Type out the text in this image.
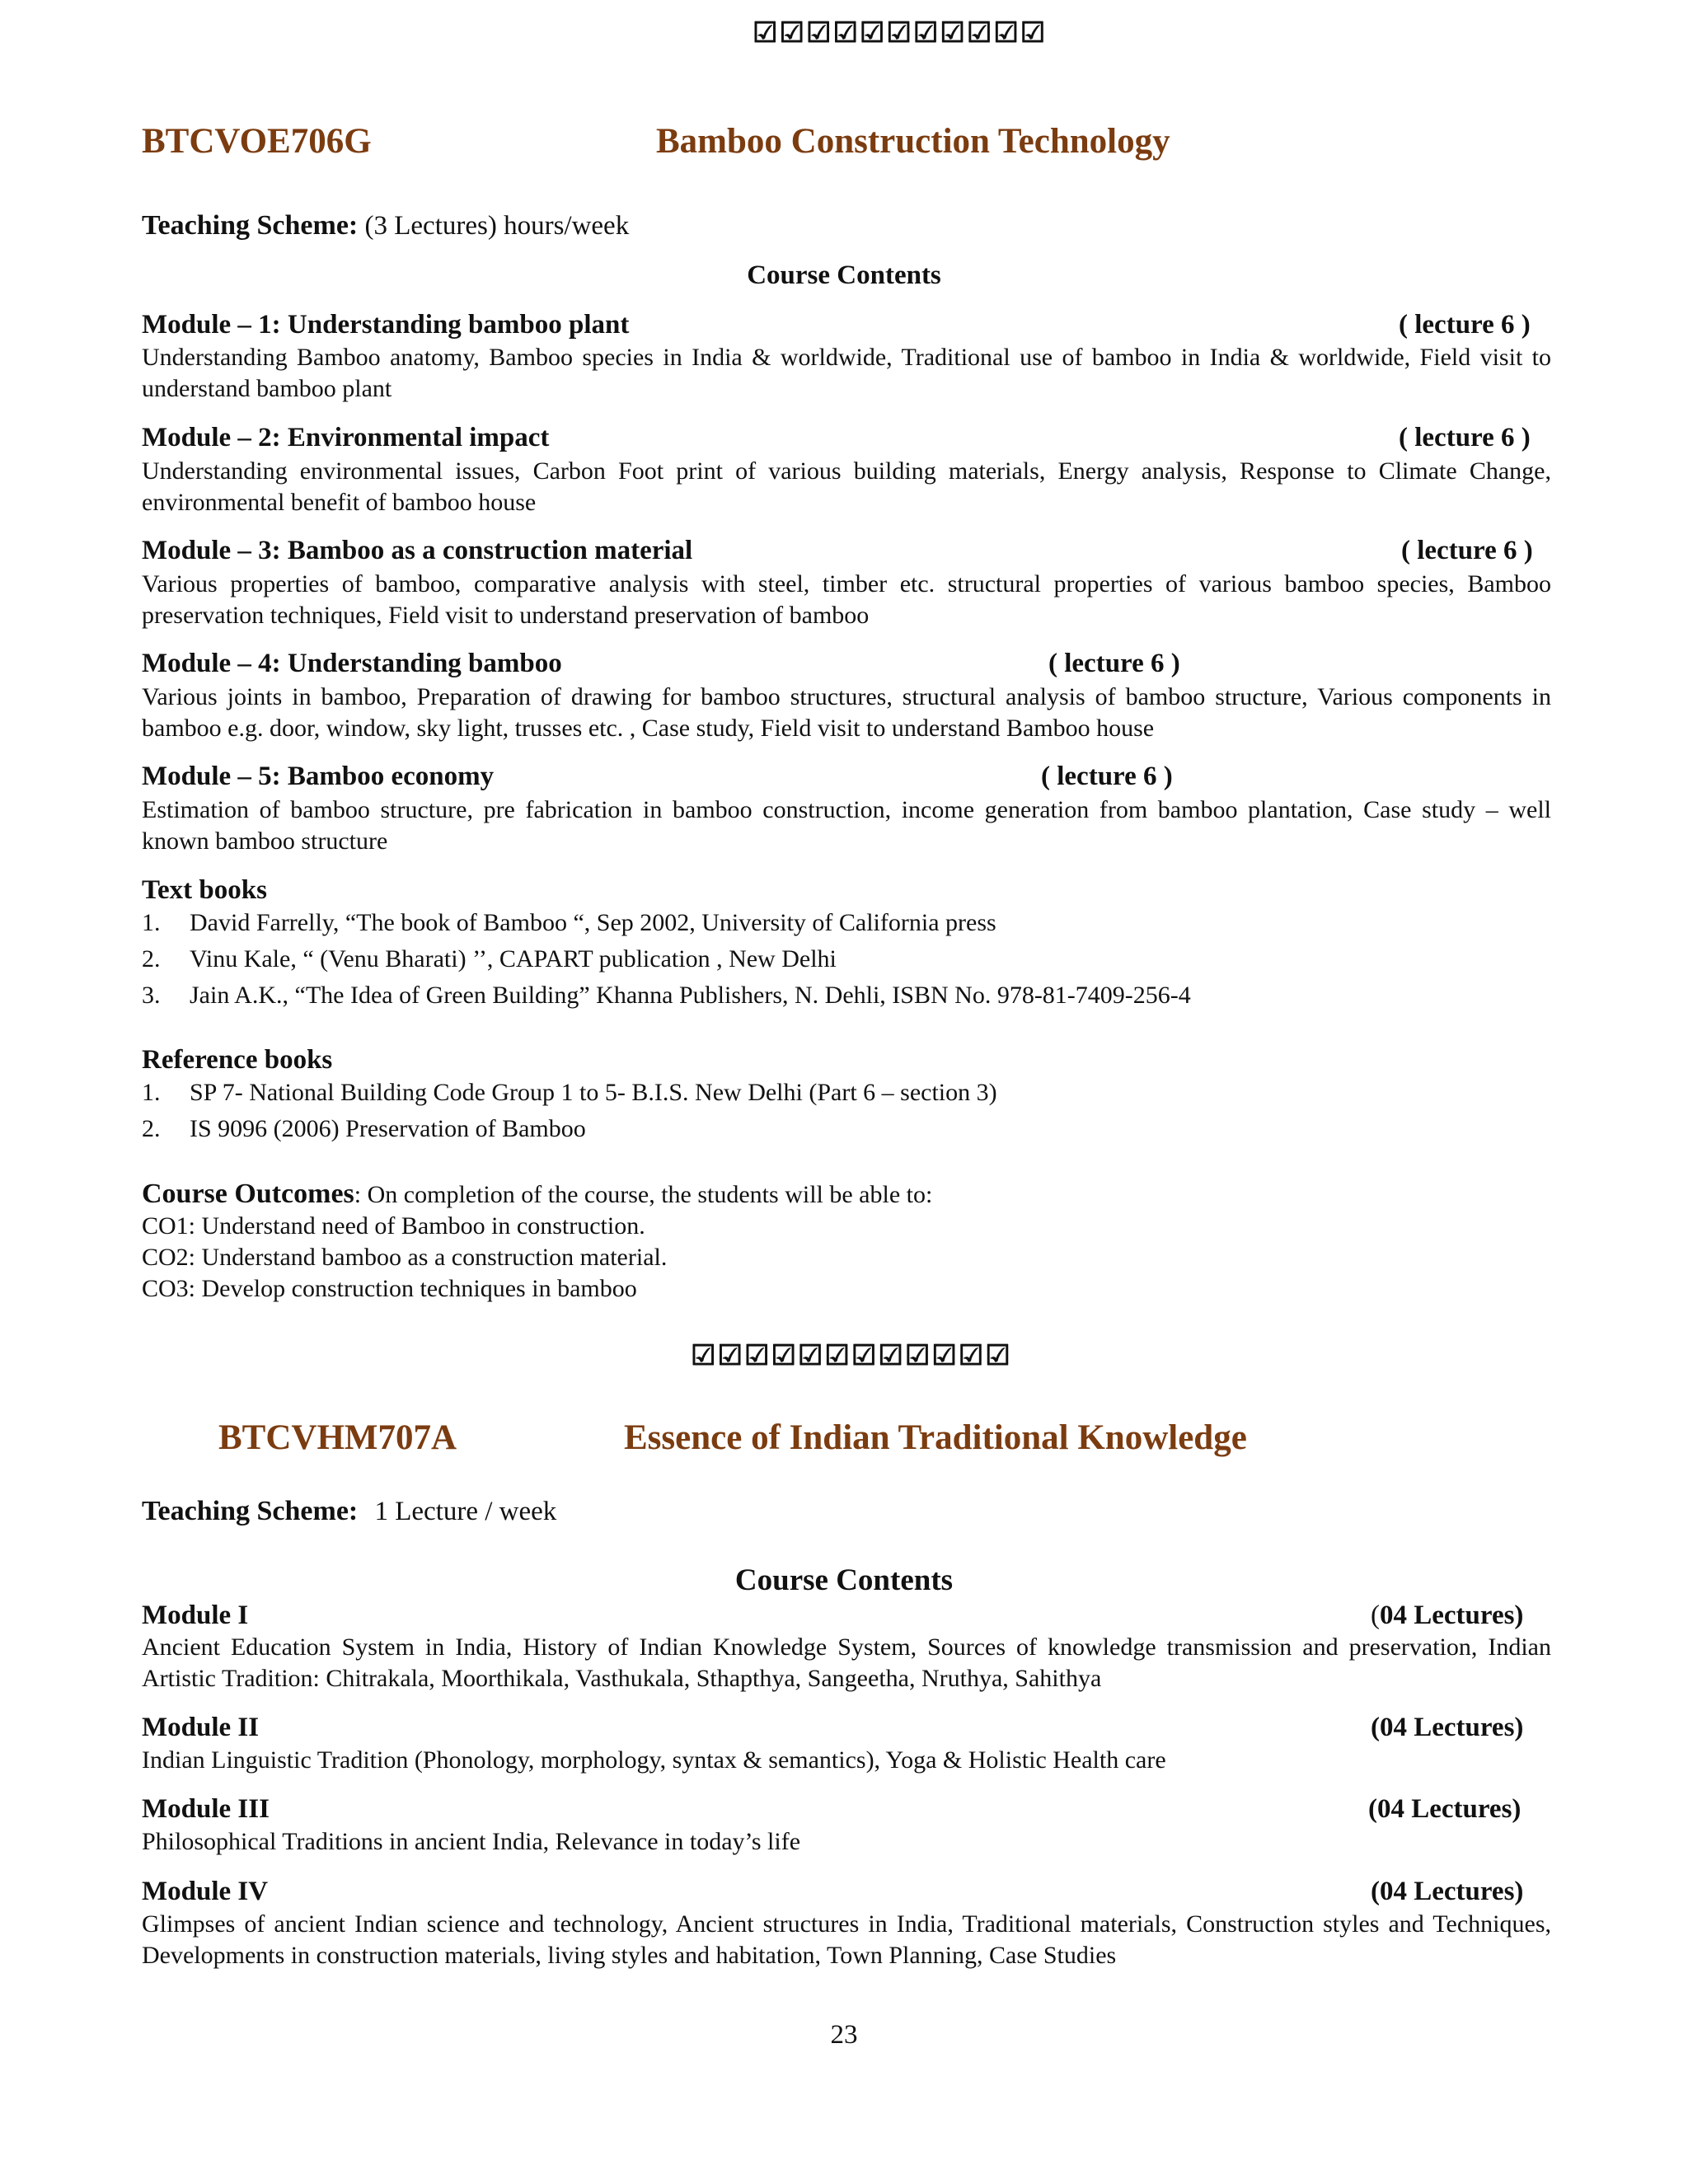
☑☑☑☑☑☑☑☑☑☑☑
BTCVOE706G	Bamboo Construction Technology
Teaching Scheme: (3 Lectures) hours/week
Course Contents
Module – 1: Understanding bamboo plant	( lecture 6 )
Understanding Bamboo anatomy, Bamboo species in India & worldwide, Traditional use of bamboo in India & worldwide, Field visit to understand bamboo plant
Module – 2: Environmental impact	( lecture 6 )
Understanding environmental issues, Carbon Foot print of various building materials, Energy analysis, Response to Climate Change, environmental benefit of bamboo house
Module – 3: Bamboo as a construction material	( lecture 6 )
Various properties of bamboo, comparative analysis with steel, timber etc. structural properties of various bamboo species, Bamboo preservation techniques, Field visit to understand preservation of bamboo
Module – 4: Understanding bamboo	( lecture 6 )
Various joints in bamboo, Preparation of drawing for bamboo structures, structural analysis of bamboo structure, Various components in bamboo e.g. door, window, sky light, trusses etc. , Case study, Field visit to understand Bamboo house
Module – 5: Bamboo economy	( lecture 6 )
Estimation of bamboo structure, pre fabrication in bamboo construction, income generation from bamboo plantation, Case study – well known bamboo structure
Text books
1. David Farrelly, “The book of Bamboo “, Sep 2002, University of California press
2. Vinu Kale, “ (Venu Bharati) ’’, CAPART publication , New Delhi
3. Jain A.K., “The Idea of Green Building” Khanna Publishers, N. Dehli, ISBN No. 978-81-7409-256-4
Reference books
1. SP 7- National Building Code Group 1 to 5- B.I.S. New Delhi (Part 6 – section 3)
2. IS 9096 (2006) Preservation of Bamboo
Course Outcomes: On completion of the course, the students will be able to:
CO1: Understand need of Bamboo in construction.
CO2: Understand bamboo as a construction material.
CO3: Develop construction techniques in bamboo
☑☑☑☑☑☑☑☑☑☑☑☑
BTCVHM707A	Essence of Indian Traditional Knowledge
Teaching Scheme: 1 Lecture / week
Course Contents
Module I	(04 Lectures)
Ancient Education System in India, History of Indian Knowledge System, Sources of knowledge transmission and preservation, Indian Artistic Tradition: Chitrakala, Moorthikala, Vasthukala, Sthapthya, Sangeetha, Nruthya, Sahithya
Module II	(04 Lectures)
Indian Linguistic Tradition (Phonology, morphology, syntax & semantics), Yoga & Holistic Health care
Module III	(04 Lectures)
Philosophical Traditions in ancient India, Relevance in today’s life
Module IV	(04 Lectures)
Glimpses of ancient Indian science and technology, Ancient structures in India, Traditional materials, Construction styles and Techniques, Developments in construction materials, living styles and habitation, Town Planning, Case Studies
23
